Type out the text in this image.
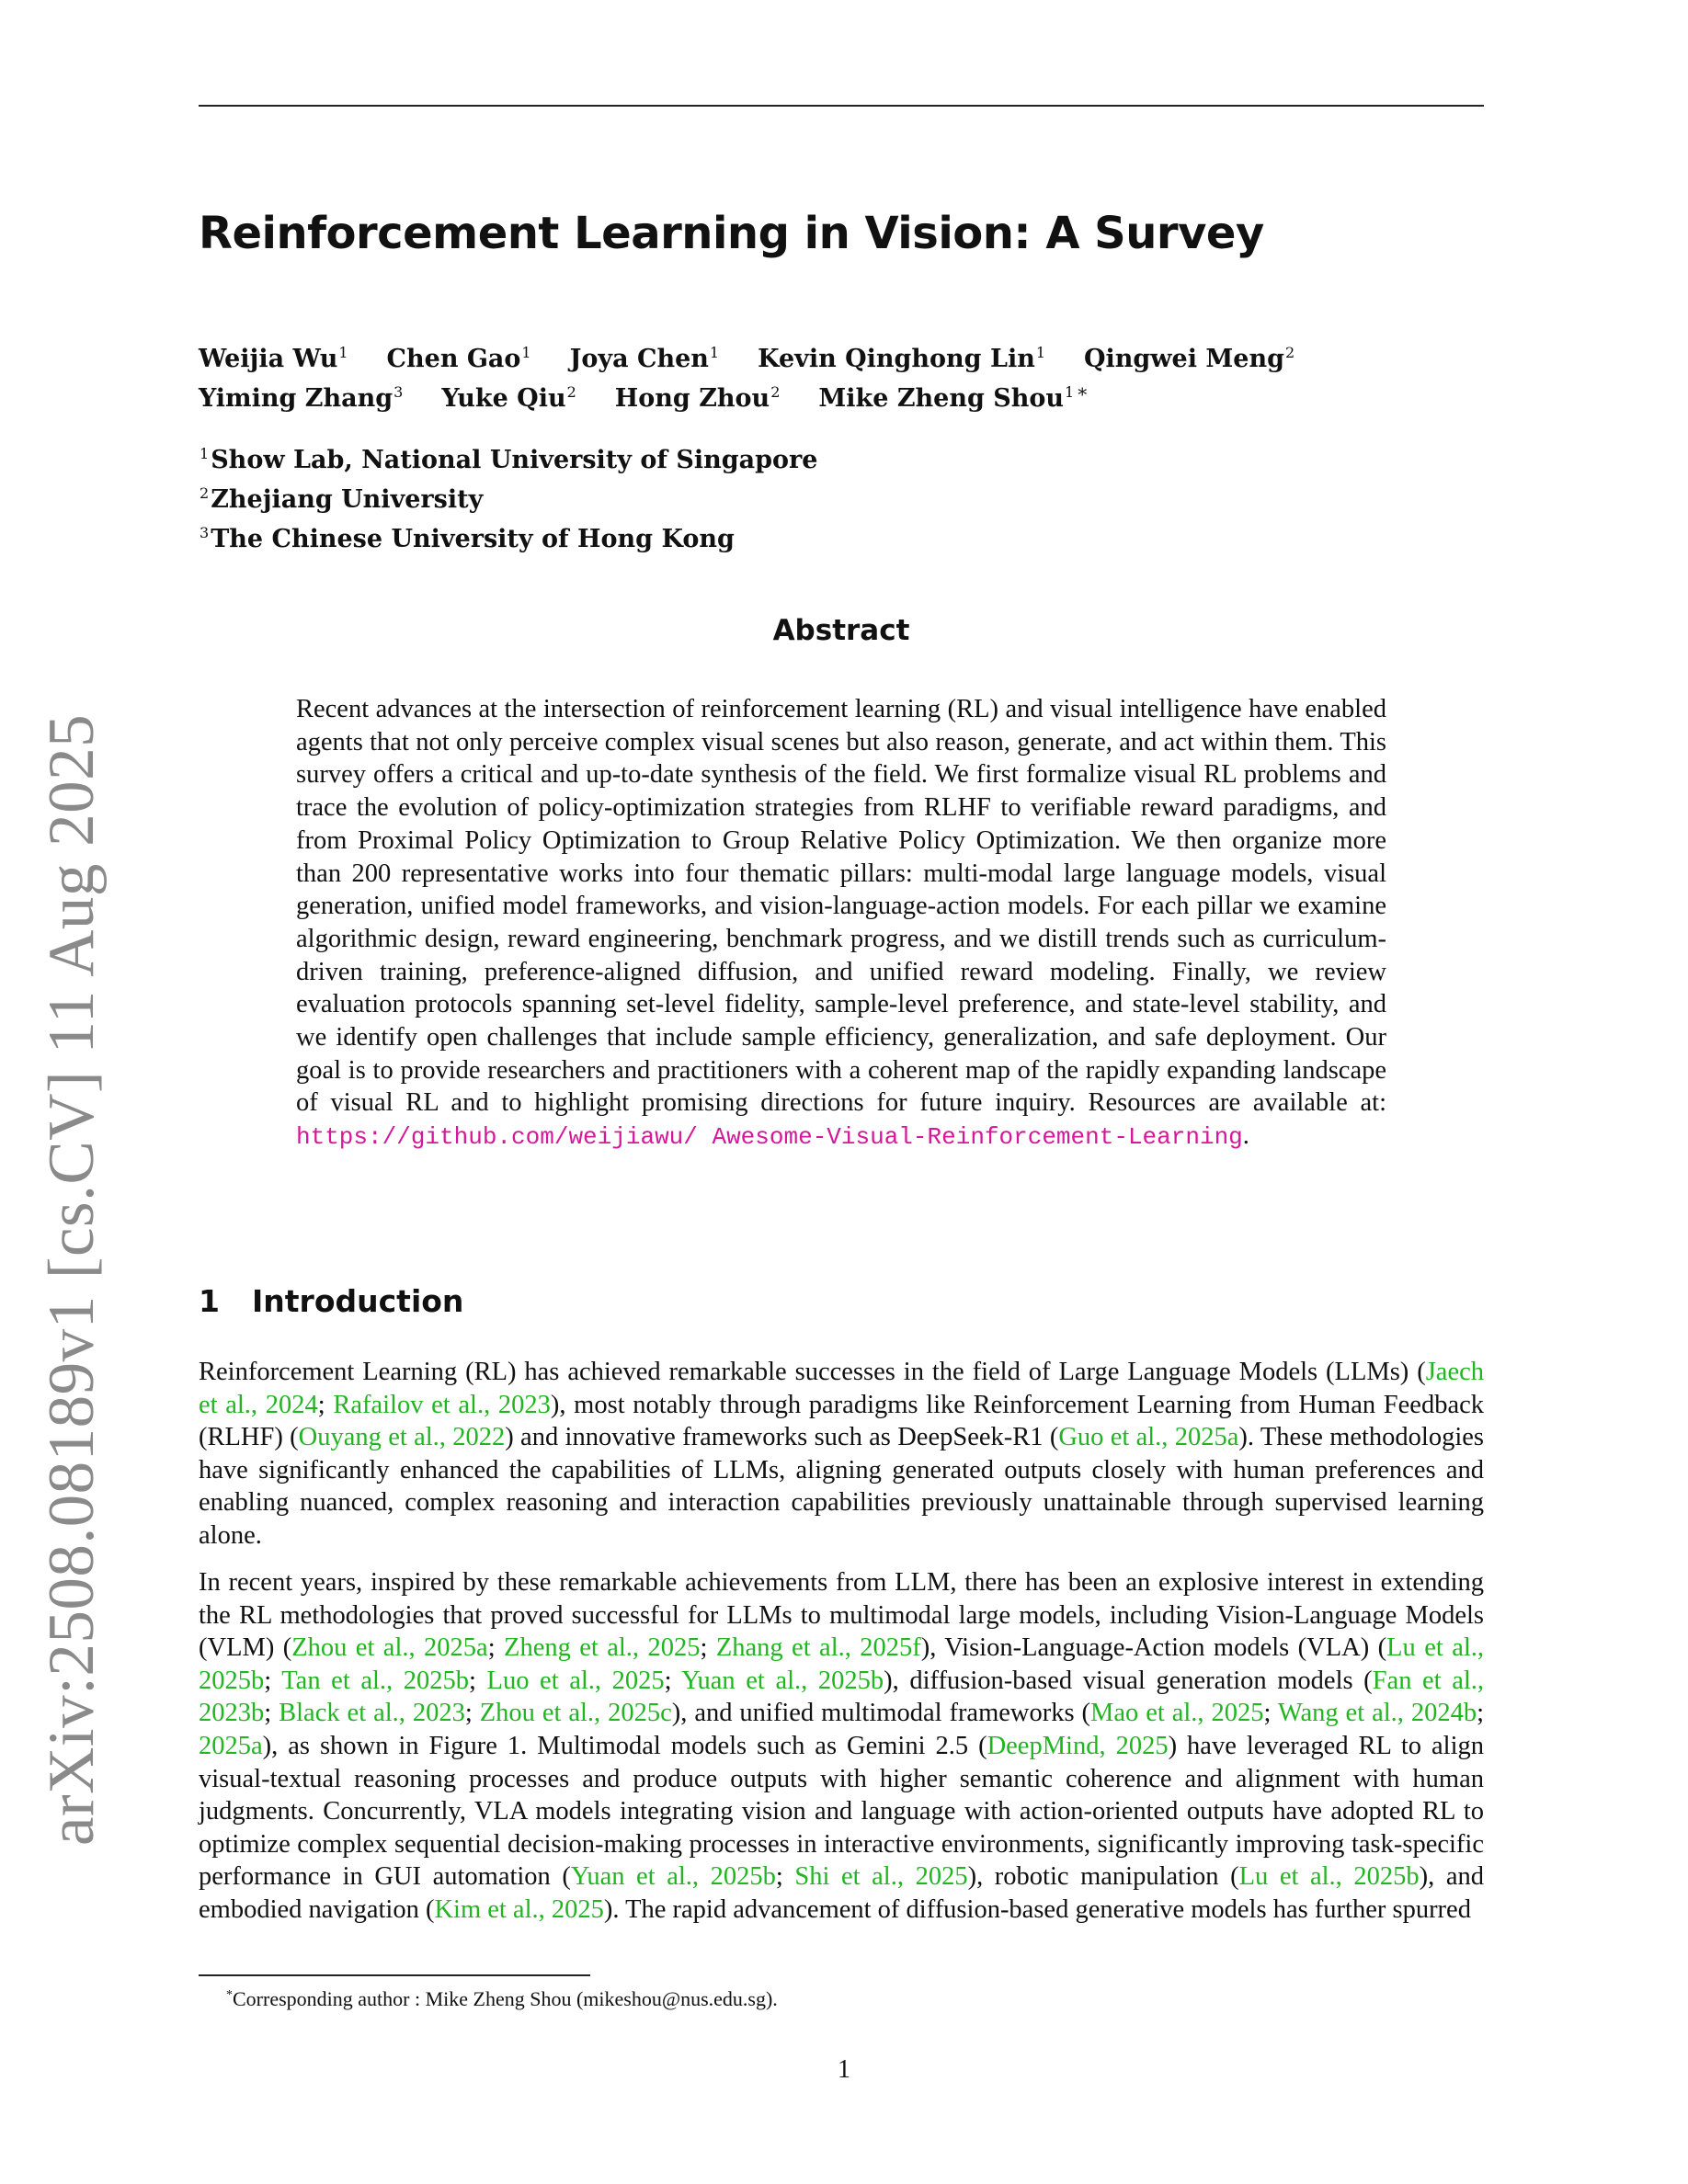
arXiv:2508.08189v1 [cs.CV] 11 Aug 2025
Reinforcement Learning in Vision: A Survey
Weijia Wu$^1$ Chen Gao$^1$ Joya Chen$^1$ Kevin Qinghong Lin$^1$ Qingwei Meng$^2$
Yiming Zhang$^3$ Yuke Qiu$^2$ Hong Zhou$^2$ Mike Zheng Shou$^1$ *
$^1$Show Lab, National University of Singapore
$^2$Zhejiang University
$^3$The Chinese University of Hong Kong
Abstract

Recent advances at the intersection of reinforcement learning (RL) and visual intelligence have enabled agents that not only perceive complex visual scenes but also reason, generate, and act within them. This survey offers a critical and up-to-date synthesis of the field. We first formalize visual RL problems and trace the evolution of policy-optimization strategies from RLHF to verifiable reward paradigms, and from Proximal Policy Optimization to Group Relative Policy Optimization. We then organize more than 200 representative works into four thematic pillars: multi-modal large language models, visual generation, unified model frameworks, and vision-language-action models. For each pillar we examine algorithmic design, reward engineering, benchmark progress, and we distill trends such as curriculum-driven training, preference-aligned diffusion, and unified reward modeling. Finally, we review evaluation protocols spanning set-level fidelity, sample-level preference, and state-level stability, and we identify open challenges that include sample efficiency, generalization, and safe deployment. Our goal is to provide researchers and practitioners with a coherent map of the rapidly expanding landscape of visual RL and to highlight promising directions for future inquiry. Resources are available at: https://github.com/weijiawu/ Awesome-Visual-Reinforcement-Learning.

1 Introduction

Reinforcement Learning (RL) has achieved remarkable successes in the field of Large Language Models (LLMs) (Jaech et al., 2024; Rafailov et al., 2023), most notably through paradigms like Reinforcement Learning from Human Feedback (RLHF) (Ouyang et al., 2022) and innovative frameworks such as DeepSeek-R1 (Guo et al., 2025a). These methodologies have significantly enhanced the capabilities of LLMs, aligning generated outputs closely with human preferences and enabling nuanced, complex reasoning and interaction capabilities previously unattainable through supervised learning alone.

In recent years, inspired by these remarkable achievements from LLM, there has been an explosive interest in extending the RL methodologies that proved successful for LLMs to multimodal large models, including Vision-Language Models (VLM) (Zhou et al., 2025a; Zheng et al., 2025; Zhang et al., 2025f), Vision-Language-Action models (VLA) (Lu et al., 2025b; Tan et al., 2025b; Luo et al., 2025; Yuan et al., 2025b), diffusion-based visual generation models (Fan et al., 2023b; Black et al., 2023; Zhou et al., 2025c), and unified multimodal frameworks (Mao et al., 2025; Wang et al., 2024b; 2025a), as shown in Figure 1. Multimodal models such as Gemini 2.5 (DeepMind, 2025) have leveraged RL to align visual-textual reasoning processes and produce outputs with higher semantic coherence and alignment with human judgments. Concurrently, VLA models integrating vision and language with action-oriented outputs have adopted RL to optimize complex sequential decision-making processes in interactive environments, significantly improving task-specific performance in GUI automation (Yuan et al., 2025b; Shi et al., 2025), robotic manipulation (Lu et al., 2025b), and embodied navigation (Kim et al., 2025). The rapid advancement of diffusion-based generative models has further spurred

*Corresponding author : Mike Zheng Shou (mikeshou@nus.edu.sg).

1
